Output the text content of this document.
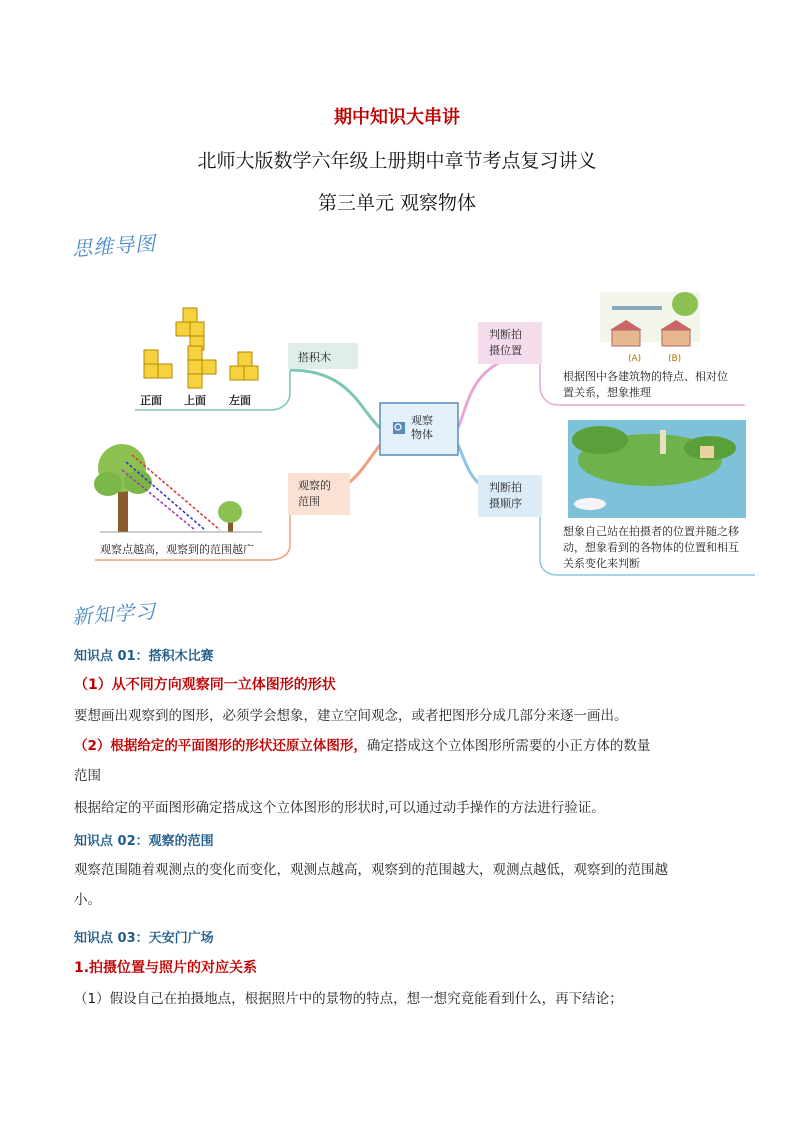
期中知识大串讲
北师大版数学六年级上册期中章节考点复习讲义
第三单元 观察物体
思维导图
观察
物体
搭积木
观察的
范围
判断拍
摄位置
判断拍
摄顺序
正面 上面 左面
观察点越高，观察到的范围越广
(A)	(B)
根据图中各建筑物的特点、相对位
置关系，想象推理
想象自己站在拍摄者的位置并随之移
动，想象看到的各物体的位置和相互
关系变化来判断
新知学习
知识点 01：搭积木比赛
（1）从不同方向观察同一立体图形的形状
要想画出观察到的图形，必须学会想象，建立空间观念，或者把图形分成几部分来逐一画出。
（2）根据给定的平面图形的形状还原立体图形，确定搭成这个立体图形所需要的小正方体的数量
范围
根据给定的平面图形确定搭成这个立体图形的形状时,可以通过动手操作的方法进行验证。
知识点 02：观察的范围
观察范围随着观测点的变化而变化，观测点越高，观察到的范围越大，观测点越低，观察到的范围越
小。
知识点 03：天安门广场
1.拍摄位置与照片的对应关系
（1）假设自己在拍摄地点，根据照片中的景物的特点，想一想究竟能看到什么，再下结论；
